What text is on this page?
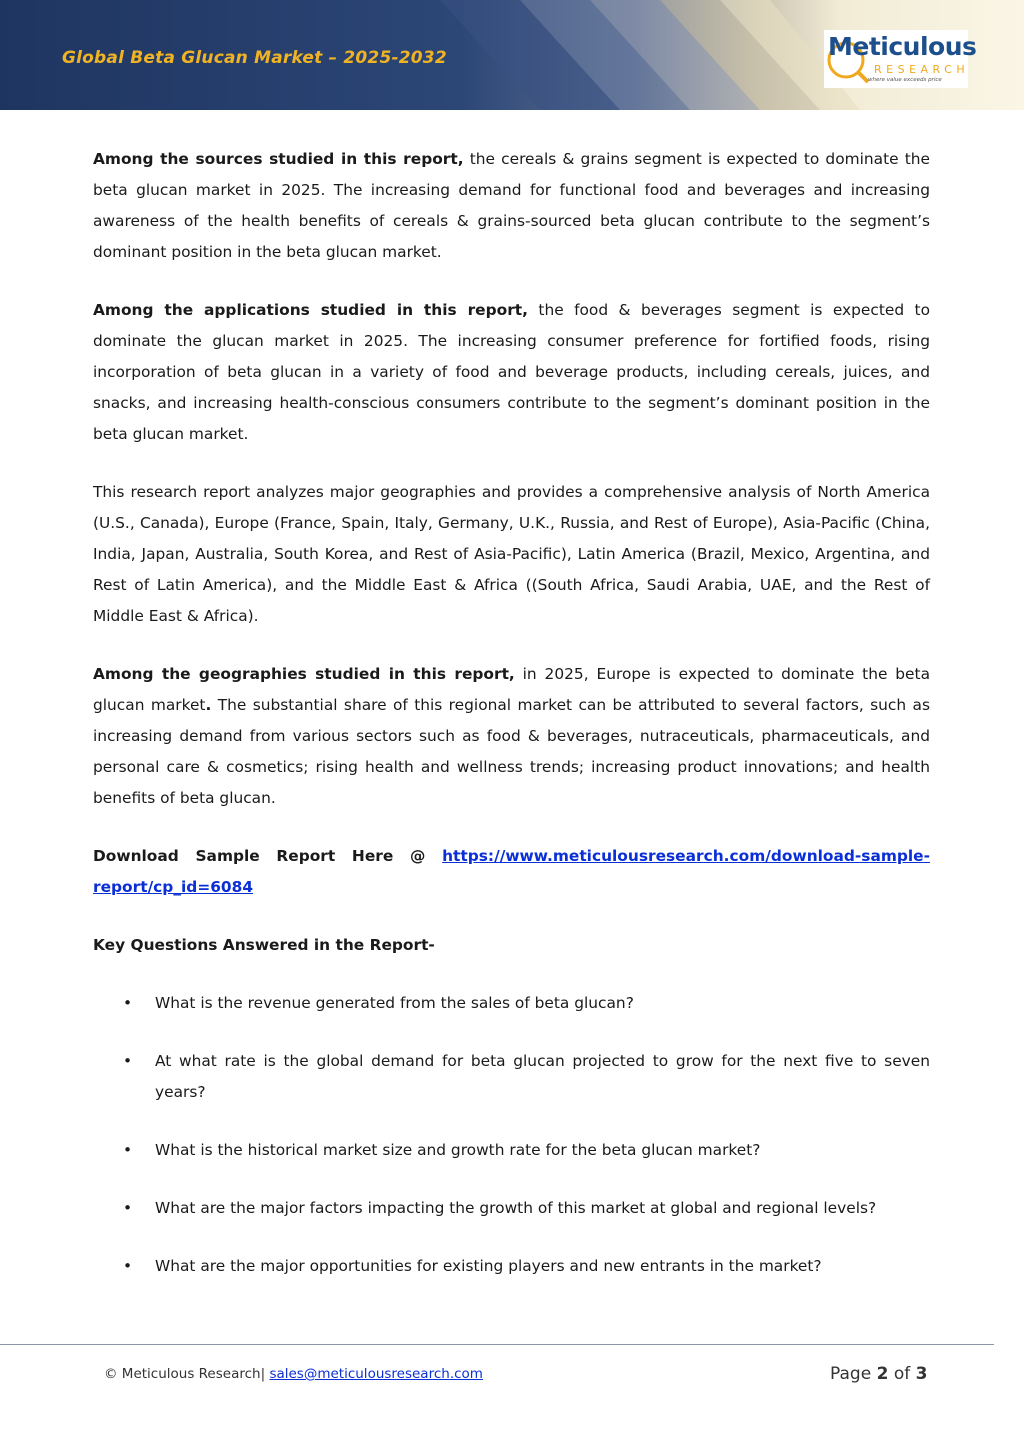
Global Beta Glucan Market – 2025-2032	Meticulous
RESEARCH
where value exceeds price

Among the sources studied in this report, the cereals & grains segment is expected to dominate the beta glucan market in 2025. The increasing demand for functional food and beverages and increasing awareness of the health benefits of cereals & grains-sourced beta glucan contribute to the segment’s dominant position in the beta glucan market.

Among the applications studied in this report, the food & beverages segment is expected to dominate the glucan market in 2025. The increasing consumer preference for fortified foods, rising incorporation of beta glucan in a variety of food and beverage products, including cereals, juices, and snacks, and increasing health-conscious consumers contribute to the segment’s dominant position in the beta glucan market.

This research report analyzes major geographies and provides a comprehensive analysis of North America (U.S., Canada), Europe (France, Spain, Italy, Germany, U.K., Russia, and Rest of Europe), Asia-Pacific (China, India, Japan, Australia, South Korea, and Rest of Asia-Pacific), Latin America (Brazil, Mexico, Argentina, and Rest of Latin America), and the Middle East & Africa ((South Africa, Saudi Arabia, UAE, and the Rest of Middle East & Africa).

Among the geographies studied in this report, in 2025, Europe is expected to dominate the beta glucan market. The substantial share of this regional market can be attributed to several factors, such as increasing demand from various sectors such as food & beverages, nutraceuticals, pharmaceuticals, and personal care & cosmetics; rising health and wellness trends; increasing product innovations; and health benefits of beta glucan.

Download Sample Report Here @ https://www.meticulousresearch.com/download-sample-report/cp_id=6084

Key Questions Answered in the Report-

• What is the revenue generated from the sales of beta glucan?
• At what rate is the global demand for beta glucan projected to grow for the next five to seven years?
• What is the historical market size and growth rate for the beta glucan market?
• What are the major factors impacting the growth of this market at global and regional levels?
• What are the major opportunities for existing players and new entrants in the market?
© Meticulous Research| sales@meticulousresearch.com	Page 2 of 3
